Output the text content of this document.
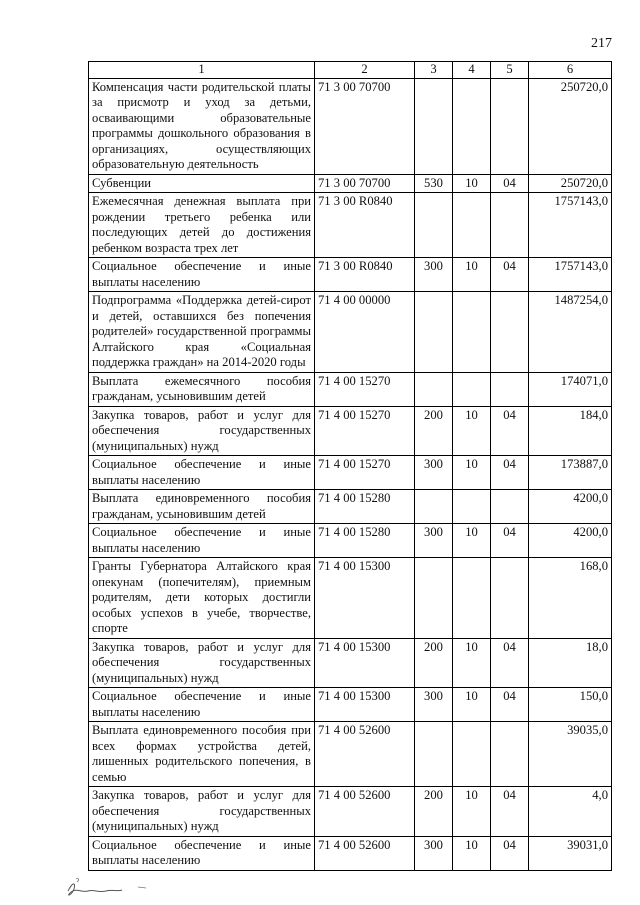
217
1	2	3	4	5	6
Компенсация части родительской платы за присмотр и уход за детьми, осваивающими образовательные программы дошкольного образования в организациях, осуществляющих образовательную деятельность	71 3 00 70700				250720,0
Субвенции	71 3 00 70700	530	10	04	250720,0
Ежемесячная денежная выплата при рождении третьего ребенка или последующих детей до достижения ребенком возраста трех лет	71 3 00 R0840				1757143,0
Социальное обеспечение и иные выплаты населению	71 3 00 R0840	300	10	04	1757143,0
Подпрограмма «Поддержка детей-сирот и детей, оставшихся без попечения родителей» государственной программы Алтайского края «Социальная поддержка граждан» на 2014-2020 годы	71 4 00 00000				1487254,0
Выплата ежемесячного пособия гражданам, усыновившим детей	71 4 00 15270				174071,0
Закупка товаров, работ и услуг для обеспечения государственных (муниципальных) нужд	71 4 00 15270	200	10	04	184,0
Социальное обеспечение и иные выплаты населению	71 4 00 15270	300	10	04	173887,0
Выплата единовременного пособия гражданам, усыновившим детей	71 4 00 15280				4200,0
Социальное обеспечение и иные выплаты населению	71 4 00 15280	300	10	04	4200,0
Гранты Губернатора Алтайского края опекунам (попечителям), приемным родителям, дети которых достигли особых успехов в учебе, творчестве, спорте	71 4 00 15300				168,0
Закупка товаров, работ и услуг для обеспечения государственных (муниципальных) нужд	71 4 00 15300	200	10	04	18,0
Социальное обеспечение и иные выплаты населению	71 4 00 15300	300	10	04	150,0
Выплата единовременного пособия при всех формах устройства детей, лишенных родительского попечения, в семью	71 4 00 52600				39035,0
Закупка товаров, работ и услуг для обеспечения государственных (муниципальных) нужд	71 4 00 52600	200	10	04	4,0
Социальное обеспечение и иные выплаты населению	71 4 00 52600	300	10	04	39031,0
